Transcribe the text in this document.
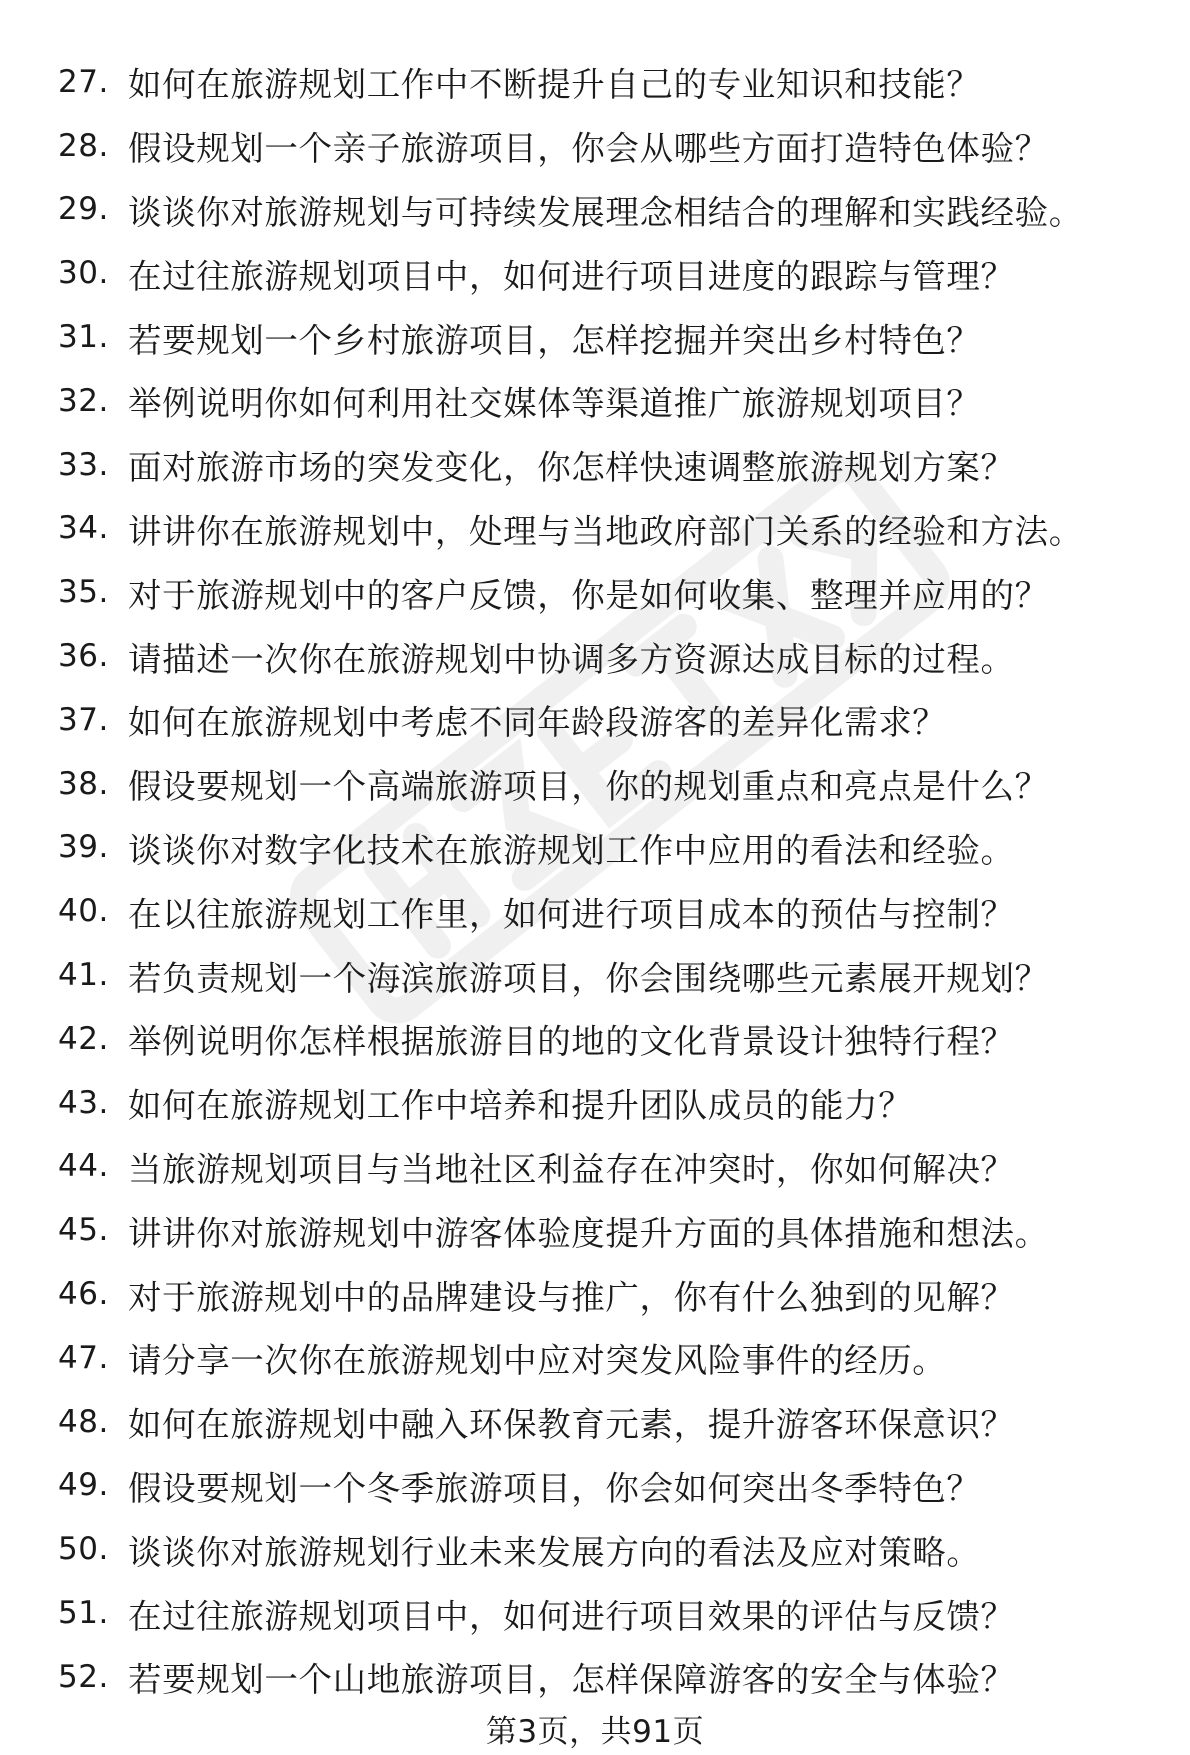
27. 如何在旅游规划工作中不断提升自己的专业知识和技能？
28. 假设规划一个亲子旅游项目，你会从哪些方面打造特色体验？
29. 谈谈你对旅游规划与可持续发展理念相结合的理解和实践经验。
30. 在过往旅游规划项目中，如何进行项目进度的跟踪与管理？
31. 若要规划一个乡村旅游项目，怎样挖掘并突出乡村特色？
32. 举例说明你如何利用社交媒体等渠道推广旅游规划项目？
33. 面对旅游市场的突发变化，你怎样快速调整旅游规划方案？
34. 讲讲你在旅游规划中，处理与当地政府部门关系的经验和方法。
35. 对于旅游规划中的客户反馈，你是如何收集、整理并应用的？
36. 请描述一次你在旅游规划中协调多方资源达成目标的过程。
37. 如何在旅游规划中考虑不同年龄段游客的差异化需求？
38. 假设要规划一个高端旅游项目，你的规划重点和亮点是什么？
39. 谈谈你对数字化技术在旅游规划工作中应用的看法和经验。
40. 在以往旅游规划工作里，如何进行项目成本的预估与控制？
41. 若负责规划一个海滨旅游项目，你会围绕哪些元素展开规划？
42. 举例说明你怎样根据旅游目的地的文化背景设计独特行程？
43. 如何在旅游规划工作中培养和提升团队成员的能力？
44. 当旅游规划项目与当地社区利益存在冲突时，你如何解决？
45. 讲讲你对旅游规划中游客体验度提升方面的具体措施和想法。
46. 对于旅游规划中的品牌建设与推广，你有什么独到的见解？
47. 请分享一次你在旅游规划中应对突发风险事件的经历。
48. 如何在旅游规划中融入环保教育元素，提升游客环保意识？
49. 假设要规划一个冬季旅游项目，你会如何突出冬季特色？
50. 谈谈你对旅游规划行业未来发展方向的看法及应对策略。
51. 在过往旅游规划项目中，如何进行项目效果的评估与反馈？
52. 若要规划一个山地旅游项目，怎样保障游客的安全与体验？
第3页，共91页
